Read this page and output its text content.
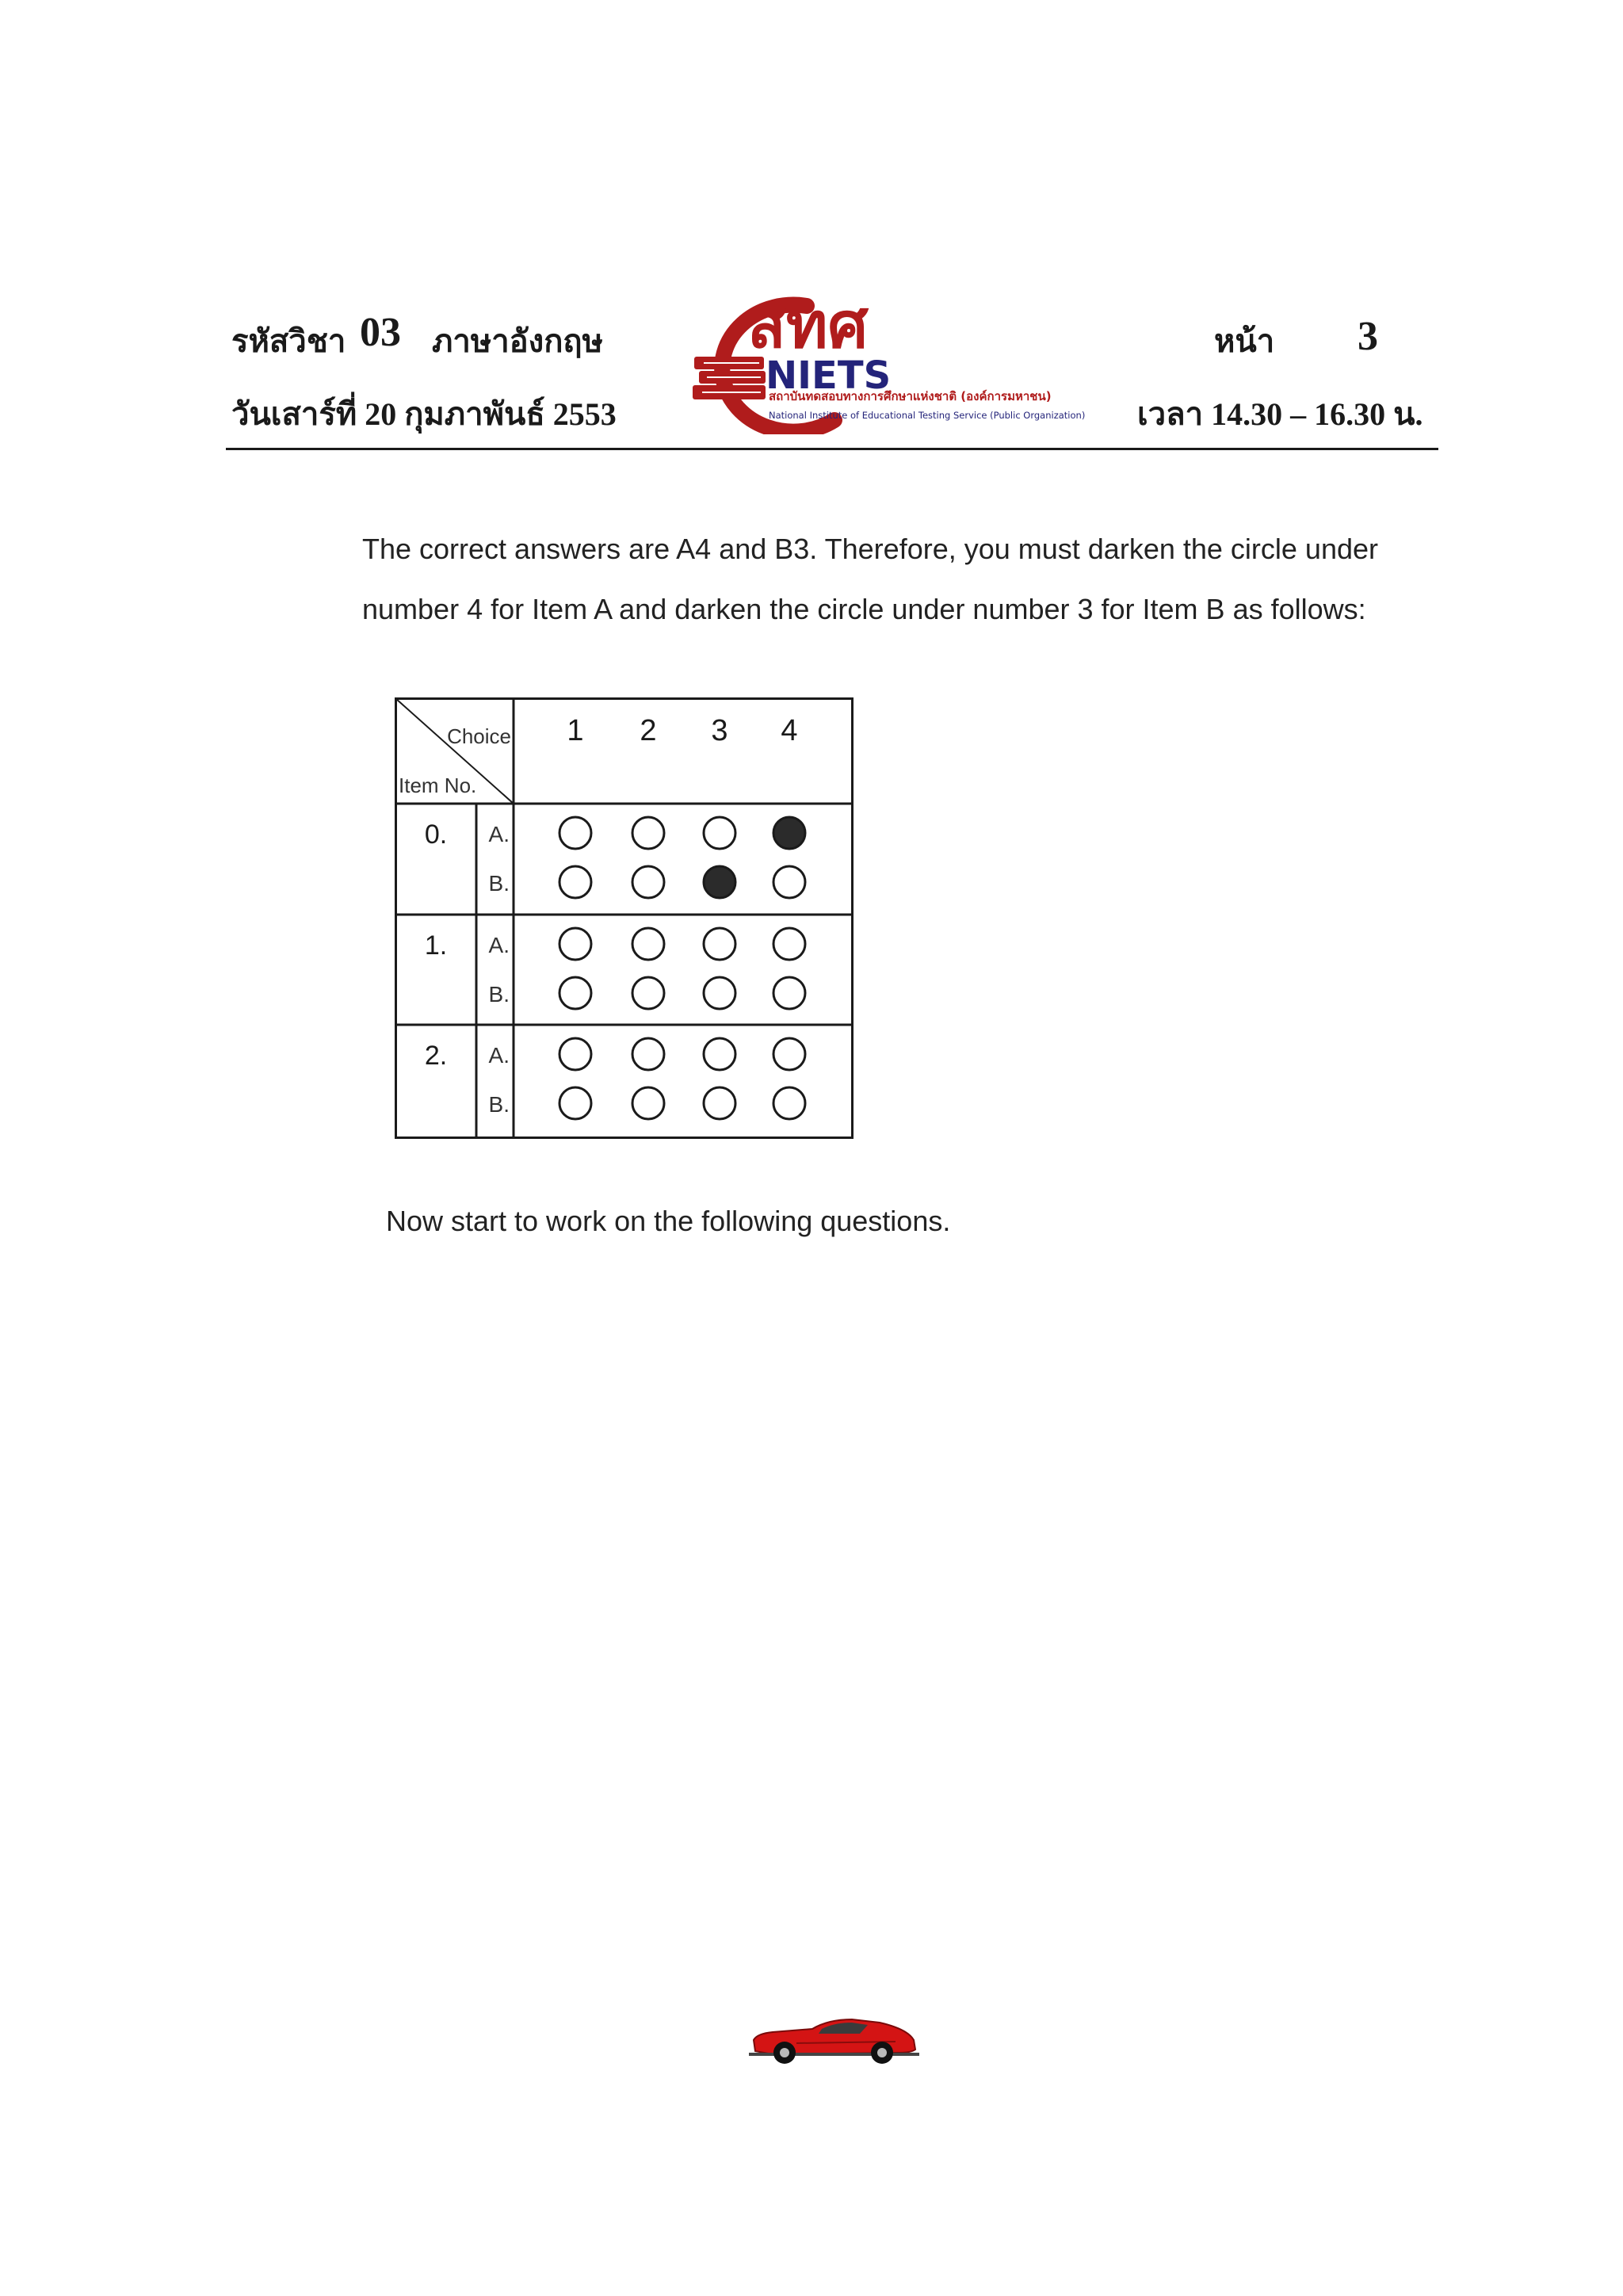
รหัสวิชา 03 ภาษาอังกฤษ
วันเสาร์ที่ 20 กุมภาพันธ์ 2553
สทศ
NIETS
สถาบันทดสอบทางการศึกษาแห่งชาติ (องค์การมหาชน)
National Institute of Educational Testing Service (Public Organization)
หน้า 3
เวลา 14.30 – 16.30 น.
The correct answers are A4 and B3. Therefore, you must darken the circle under
number 4 for Item A and darken the circle under number 3 for Item B as follows:
Choice
Item No.
1 2 3 4
0. A.
B.
1. A.
B.
2. A.
B.
Now start to work on the following questions.
